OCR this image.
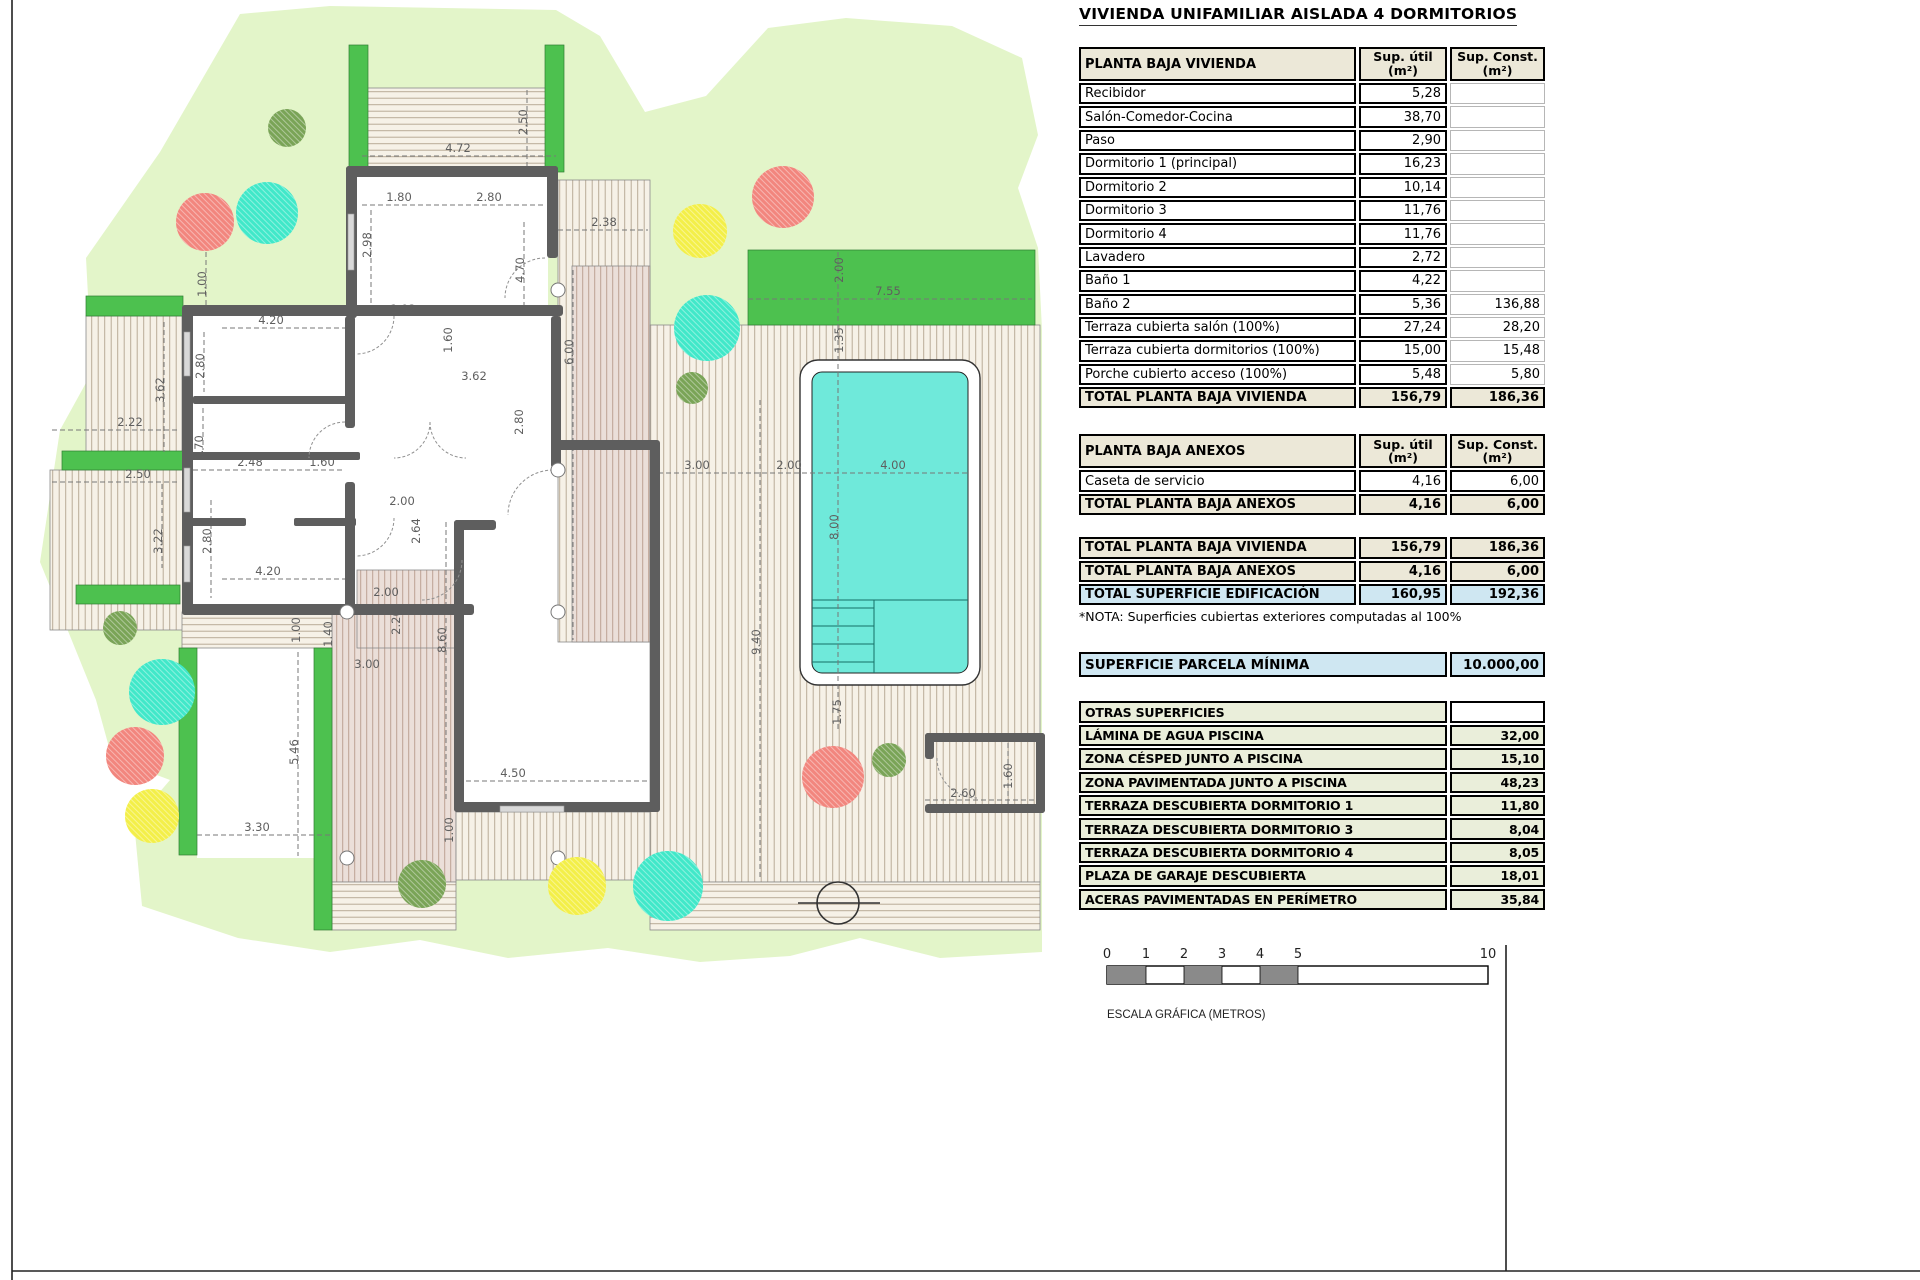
2.50
4.72
1.80	2.80
2.98
2.38
4.70
1.00
4.20
1.92
1.60
3.62
2.80
6.00
3.62
2.80
2.22
1.70
2.48	1.60	3.00	2.00	4.00
2.50
3.22
2.00
2.64
2.80
4.20
2.00
7.55
2.00
1.35
8.00
2.20
1.00 1.40	8.60
3.00
9.40
5.46
1.75
4.50
1.00
3.30
2.60
1.60
0 1 2 3 4 5	10
ESCALA GRÁFICA (METROS)
VIVIENDA UNIFAMILIAR AISLADA 4 DORMITORIOS
PLANTA BAJA VIVIENDA	Sup. útil
(m²)
Sup. Const.
(m²)
Recibidor	5,28
Salón-Comedor-Cocina	38,70
Paso	2,90
Dormitorio 1 (principal)	16,23
Dormitorio 2	10,14
Dormitorio 3	11,76
Dormitorio 4	11,76
Lavadero	2,72
Baño 1	4,22
Baño 2	5,36	136,88
Terraza cubierta salón (100%)	27,24	28,20
Terraza cubierta dormitorios (100%)	15,00	15,48
Porche cubierto acceso (100%)	5,48	5,80
TOTAL PLANTA BAJA VIVIENDA	156,79	186,36
PLANTA BAJA ANEXOS	Sup. útil
(m²)
Sup. Const.
(m²)
Caseta de servicio	4,16	6,00
TOTAL PLANTA BAJA ANEXOS	4,16	6,00
TOTAL PLANTA BAJA VIVIENDA	156,79	186,36
TOTAL PLANTA BAJA ANEXOS	4,16	6,00
TOTAL SUPERFICIE EDIFICACIÓN	160,95	192,36
*NOTA: Superficies cubiertas exteriores computadas al 100%
SUPERFICIE PARCELA MÍNIMA	10.000,00
OTRAS SUPERFICIES
LÁMINA DE AGUA PISCINA	32,00
ZONA CÉSPED JUNTO A PISCINA	15,10
ZONA PAVIMENTADA JUNTO A PISCINA	48,23
TERRAZA DESCUBIERTA DORMITORIO 1	11,80
TERRAZA DESCUBIERTA DORMITORIO 3	8,04
TERRAZA DESCUBIERTA DORMITORIO 4	8,05
PLAZA DE GARAJE DESCUBIERTA	18,01
ACERAS PAVIMENTADAS EN PERÍMETRO	35,84
